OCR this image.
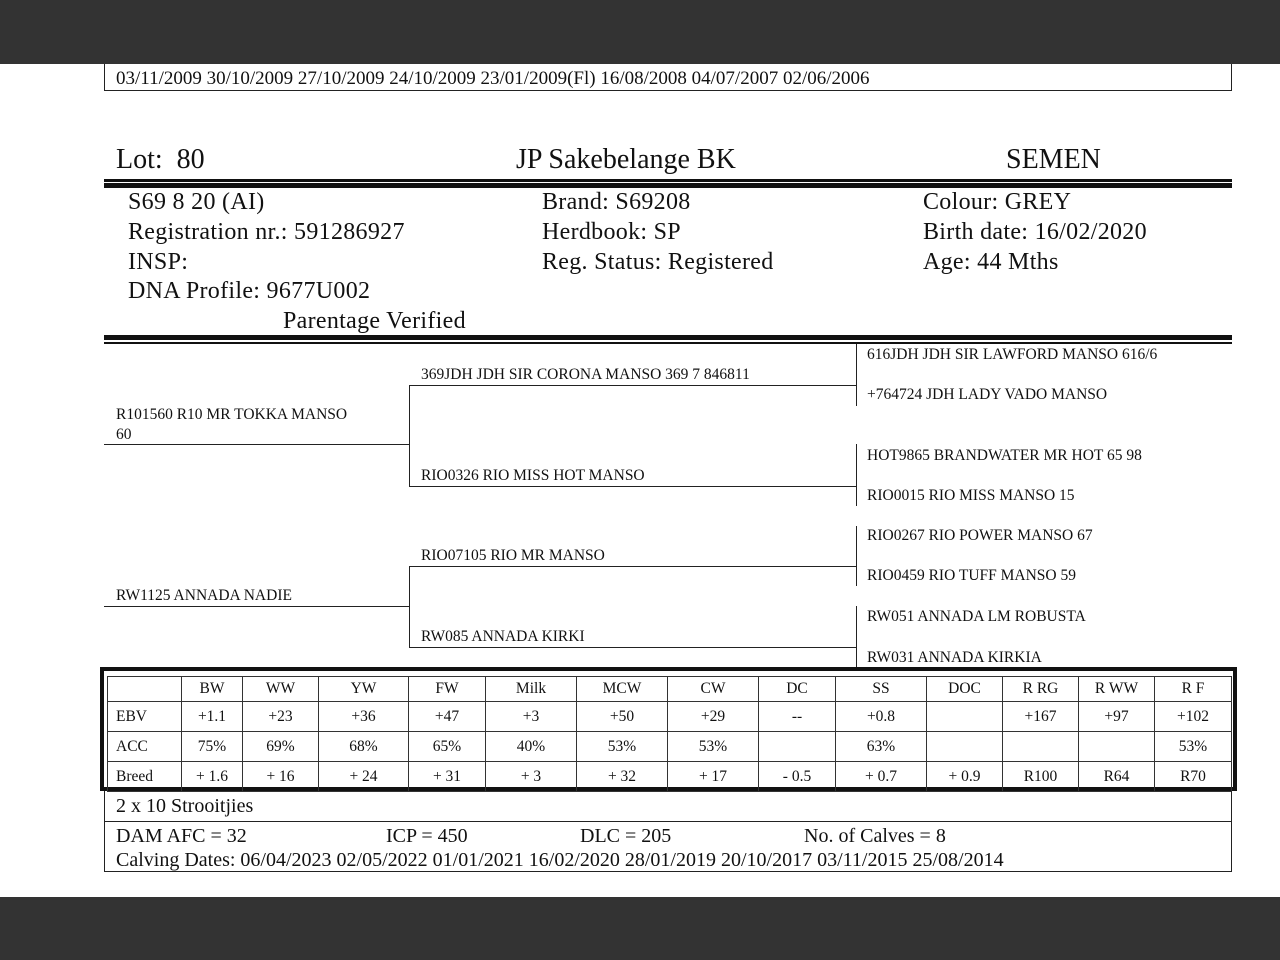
03/11/2009 30/10/2009 27/10/2009 24/10/2009 23/01/2009(Fl) 16/08/2008 04/07/2007 02/06/2006
Lot: 80	JP Sakebelange BK	SEMEN
S69 8 20 (AI)
Registration nr.: 591286927
INSP:
DNA Profile: 9677U002
Parentage Verified
Brand: S69208
Herdbook: SP
Reg. Status: Registered
Colour: GREY
Birth date: 16/02/2020
Age: 44 Mths
R101560 R10 MR TOKKA MANSO
60
369JDH JDH SIR CORONA MANSO 369 7 846811
RIO0326 RIO MISS HOT MANSO
616JDH JDH SIR LAWFORD MANSO 616/6
+764724 JDH LADY VADO MANSO
HOT9865 BRANDWATER MR HOT 65 98
RIO0015 RIO MISS MANSO 15
RW1125 ANNADA NADIE
RIO07105 RIO MR MANSO
RW085 ANNADA KIRKI
RIO0267 RIO POWER MANSO 67
RIO0459 RIO TUFF MANSO 59
RW051 ANNADA LM ROBUSTA
RW031 ANNADA KIRKIA
	BW	WW	YW	FW	Milk	MCW	CW	DC	SS	DOC	R RG	R WW	R F
EBV	+1.1	+23	+36	+47	+3	+50	+29	--	+0.8		+167	+97	+102
ACC	75%	69%	68%	65%	40%	53%	53%		63%				53%
Breed	+ 1.6	+ 16	+ 24	+ 31	+ 3	+ 32	+ 17	- 0.5	+ 0.7	+ 0.9	R100	R64	R70
2 x 10 Strooitjies
DAM AFC = 32	ICP = 450	DLC = 205	No. of Calves = 8
Calving Dates: 06/04/2023 02/05/2022 01/01/2021 16/02/2020 28/01/2019 20/10/2017 03/11/2015 25/08/2014
